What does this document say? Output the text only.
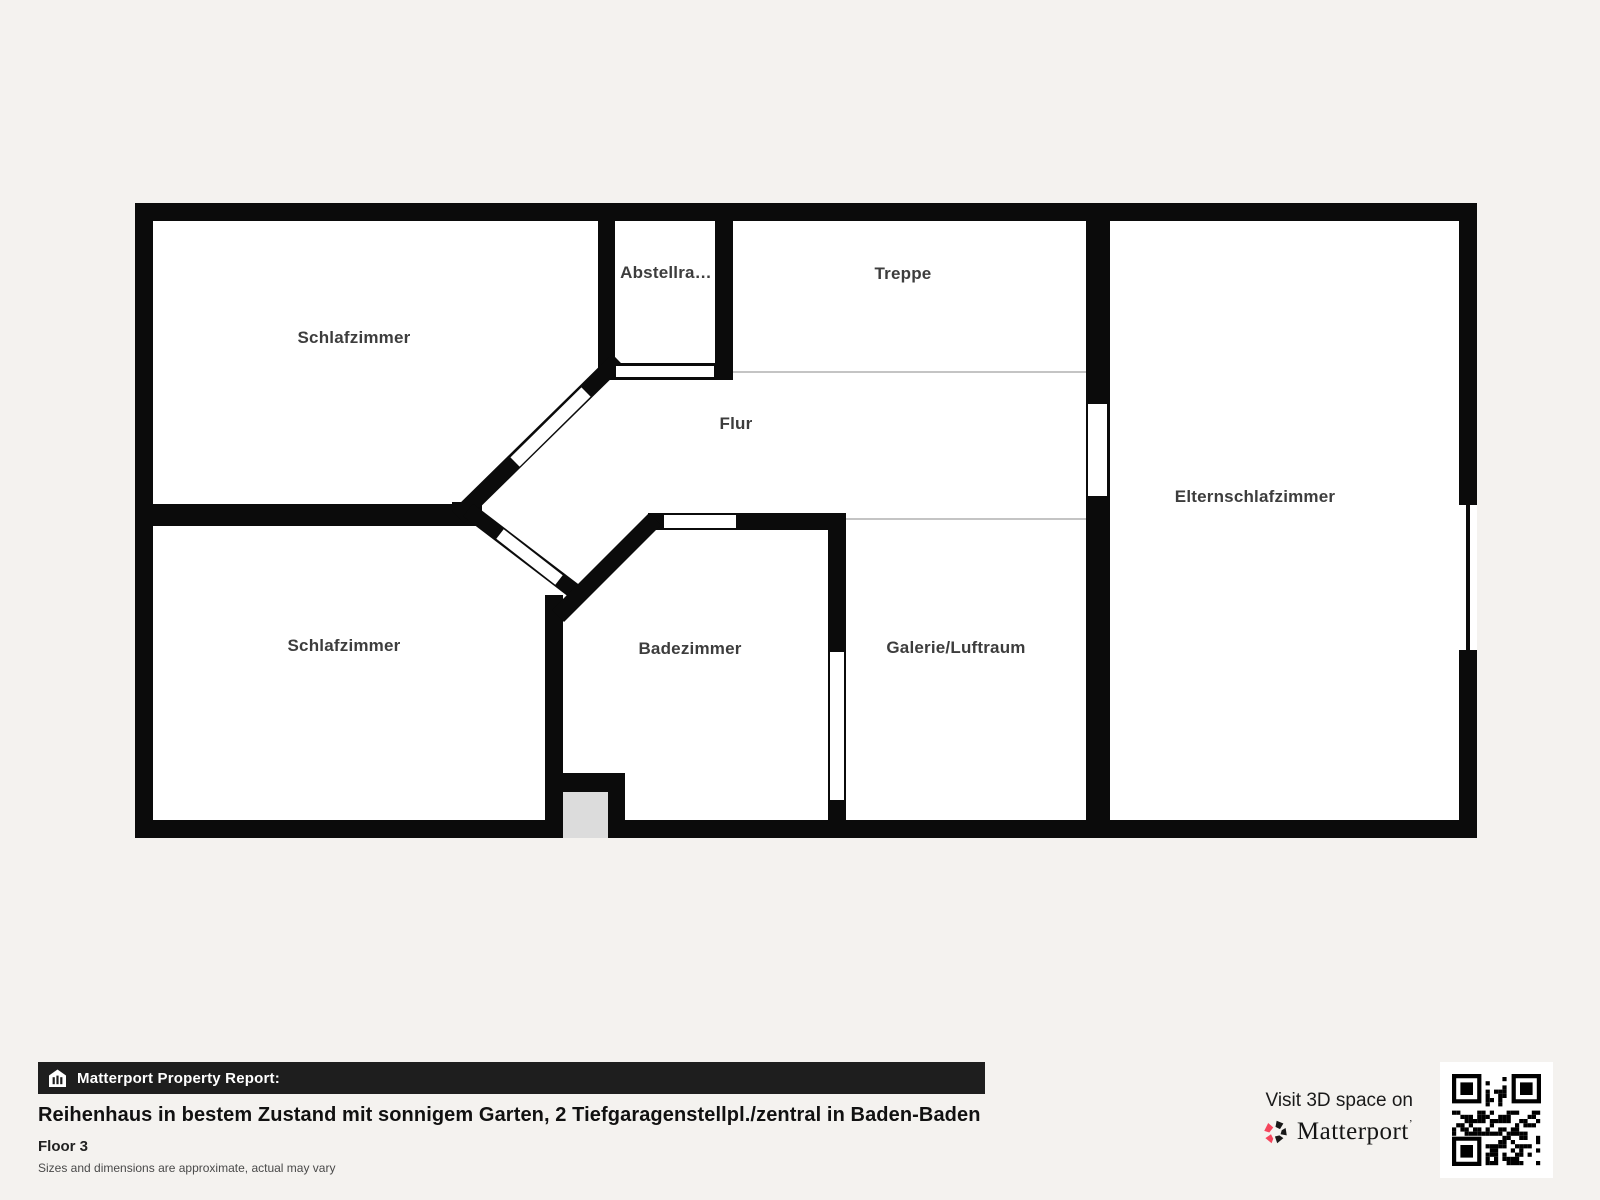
Schlafzimmer
Abstellra…	Treppe
Flur
Schlafzimmer	Badezimmer	Galerie/Luftraum
Elternschlafzimmer
Matterport Property Report:
Reihenhaus in bestem Zustand mit sonnigem Garten, 2 Tiefgaragenstellpl./zentral in Baden-Baden
Floor 3
Sizes and dimensions are approximate, actual may vary
Visit 3D space on
Matterport’
